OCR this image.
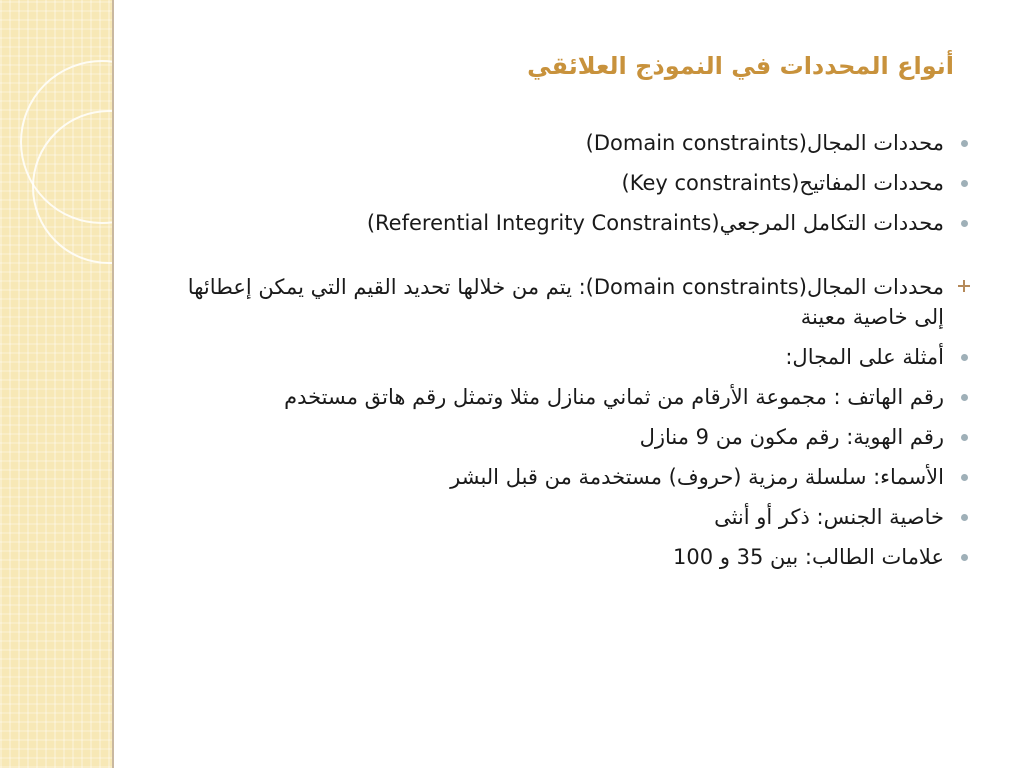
أنواع المحددات في النموذج العلائقي
محددات المجال(Domain constraints)
محددات المفاتيح(Key constraints)
محددات التكامل المرجعي(Referential Integrity Constraints)
محددات المجال(Domain constraints): يتم من خلالها تحديد القيم التي يمكن إعطائها إلى خاصية معينة
أمثلة على المجال:
رقم الهاتف : مجموعة الأرقام من ثماني منازل مثلا وتمثل رقم هاتق مستخدم
رقم الهوية: رقم مكون من 9 منازل
الأسماء: سلسلة رمزية (حروف) مستخدمة من قبل البشر
خاصية الجنس: ذكر أو أنثى
علامات الطالب: بين 35 و 100
